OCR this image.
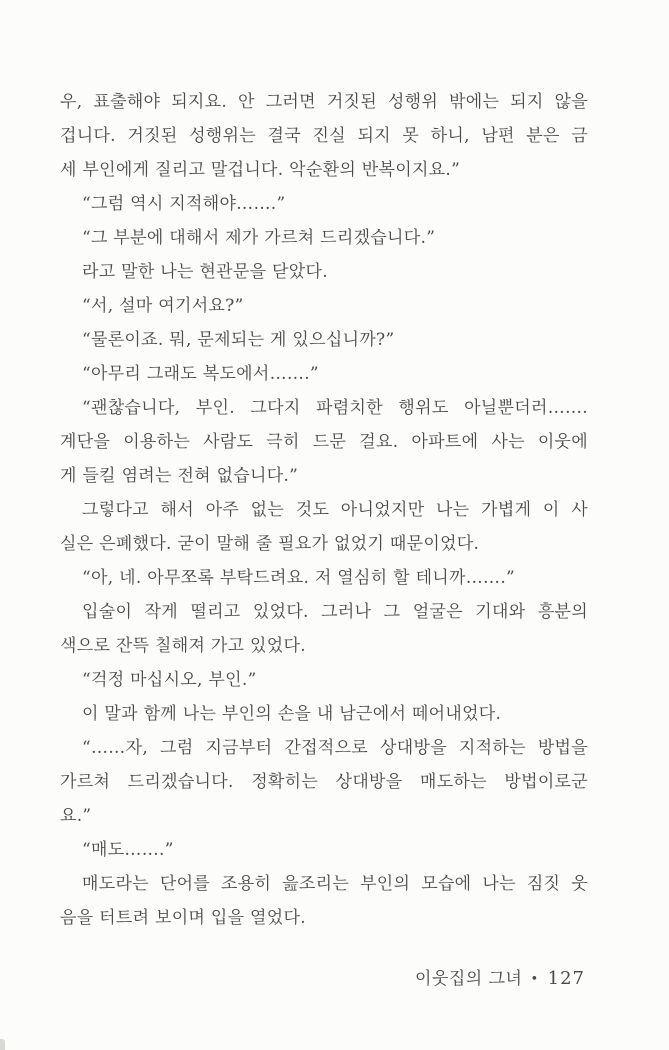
우, 표출해야 되지요. 안 그러면 거짓된 성행위 밖에는 되지 않을
겁니다. 거짓된 성행위는 결국 진실 되지 못 하니, 남편 분은 금
세 부인에게 질리고 말겁니다. 악순환의 반복이지요.”
“그럼 역시 지적해야…….”
“그 부분에 대해서 제가 가르쳐 드리겠습니다.”
라고 말한 나는 현관문을 닫았다.
“서, 설마 여기서요?”
“물론이죠. 뭐, 문제되는 게 있으십니까?”
“아무리 그래도 복도에서…….”
“괜찮습니다, 부인. 그다지 파렴치한 행위도 아닐뿐더러…….
계단을 이용하는 사람도 극히 드문 걸요. 아파트에 사는 이웃에
게 들킬 염려는 전혀 없습니다.”
그렇다고 해서 아주 없는 것도 아니었지만 나는 가볍게 이 사
실은 은폐했다. 굳이 말해 줄 필요가 없었기 때문이었다.
“아, 네. 아무쪼록 부탁드려요. 저 열심히 할 테니까…….”
입술이 작게 떨리고 있었다. 그러나 그 얼굴은 기대와 흥분의
색으로 잔뜩 칠해져 가고 있었다.
“걱정 마십시오, 부인.”
이 말과 함께 나는 부인의 손을 내 남근에서 떼어내었다.
“……자, 그럼 지금부터 간접적으로 상대방을 지적하는 방법을
가르쳐 드리겠습니다. 정확히는 상대방을 매도하는 방법이로군
요.”
“매도…….”
매도라는 단어를 조용히 읊조리는 부인의 모습에 나는 짐짓 웃
음을 터트려 보이며 입을 열었다.
이웃집의 그녀 • 127
